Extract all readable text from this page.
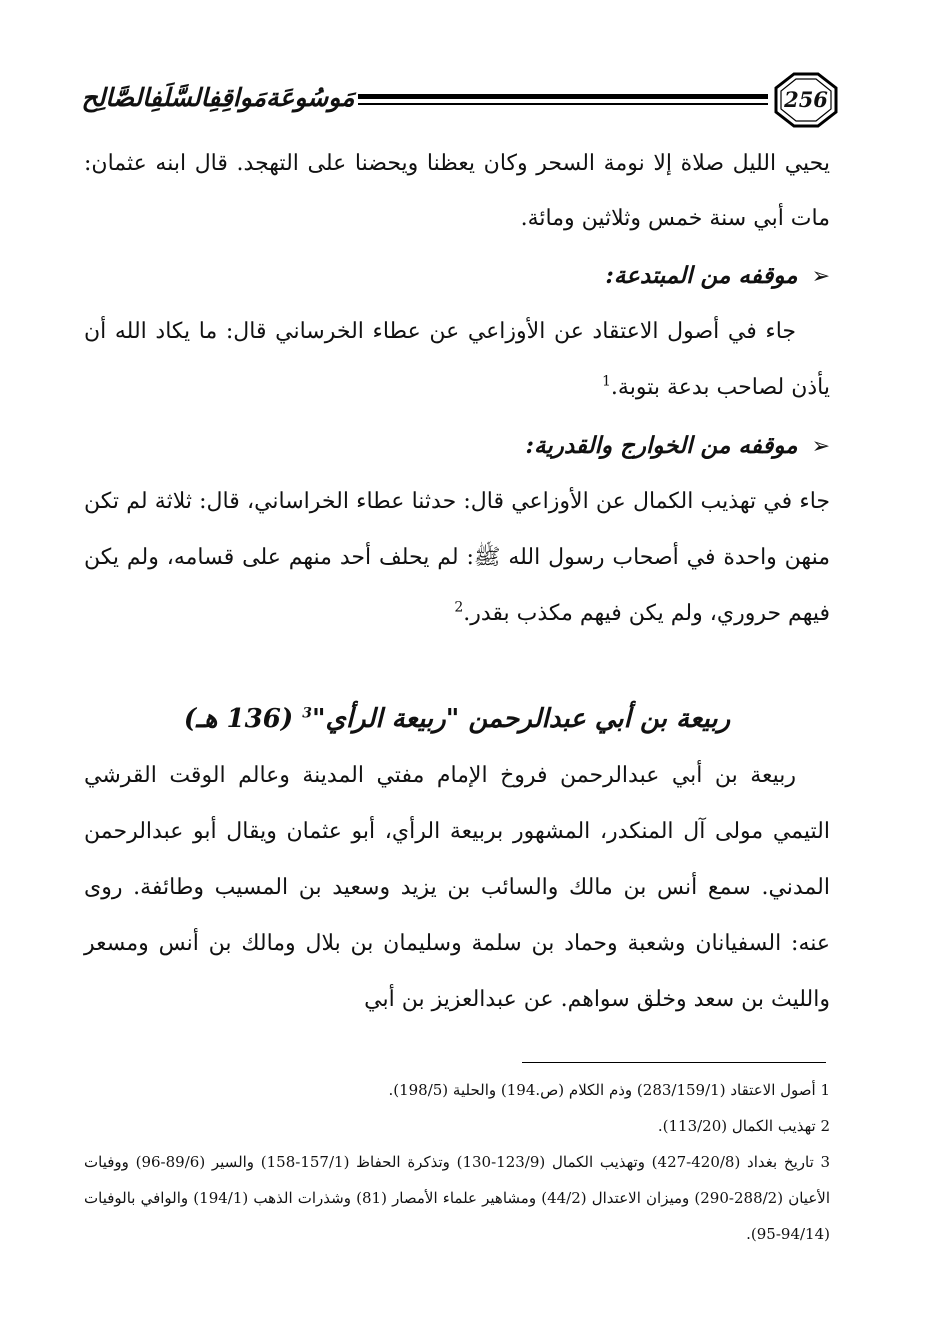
مَوسُوعَةمَواقِفِالسَّلَفِالصَّالِح	256

يحيي الليل صلاة إلا نومة السحر وكان يعظنا ويحضنا على التهجد. قال ابنه عثمان: مات أبي سنة خمس وثلاثين ومائة.

➢موقفه من المبتدعة:
جاء في أصول الاعتقاد عن الأوزاعي عن عطاء الخرساني قال: ما يكاد الله أن يأذن لصاحب بدعة بتوبة.$^1$
➢موقفه من الخوارج والقدرية:
جاء في تهذيب الكمال عن الأوزاعي قال: حدثنا عطاء الخراساني، قال: ثلاثة لم تكن منهن واحدة في أصحاب رسول الله ﷺ: لم يحلف أحد منهم على قسامه، ولم يكن فيهم حروري، ولم يكن فيهم مكذب بقدر.$^2$
ربيعة بن أبي عبدالرحمن "ربيعة الرأي"$^3$ (136 هـ)
ربيعة بن أبي عبدالرحمن فروخ الإمام مفتي المدينة وعالم الوقت القرشي التيمي مولى آل المنكدر، المشهور بربيعة الرأي، أبو عثمان ويقال أبو عبدالرحمن المدني. سمع أنس بن مالك والسائب بن يزيد وسعيد بن المسيب وطائفة. روى عنه: السفيانان وشعبة وحماد بن سلمة وسليمان بن بلال ومالك بن أنس ومسعر والليث بن سعد وخلق سواهم. عن عبدالعزيز بن أبي

1 أصول الاعتقاد (283/159/1) وذم الكلام (ص.194) والحلية (198/5).

2 تهذيب الكمال (113/20).

3 تاريخ بغداد (420/8-427) وتهذيب الكمال (123/9-130) وتذكرة الحفاظ (157/1-158) والسير (89/6-96) ووفيات الأعيان (288/2-290) وميزان الاعتدال (44/2) ومشاهير علماء الأمصار (81) وشذرات الذهب (194/1) والوافي بالوفيات (94/14-95).
